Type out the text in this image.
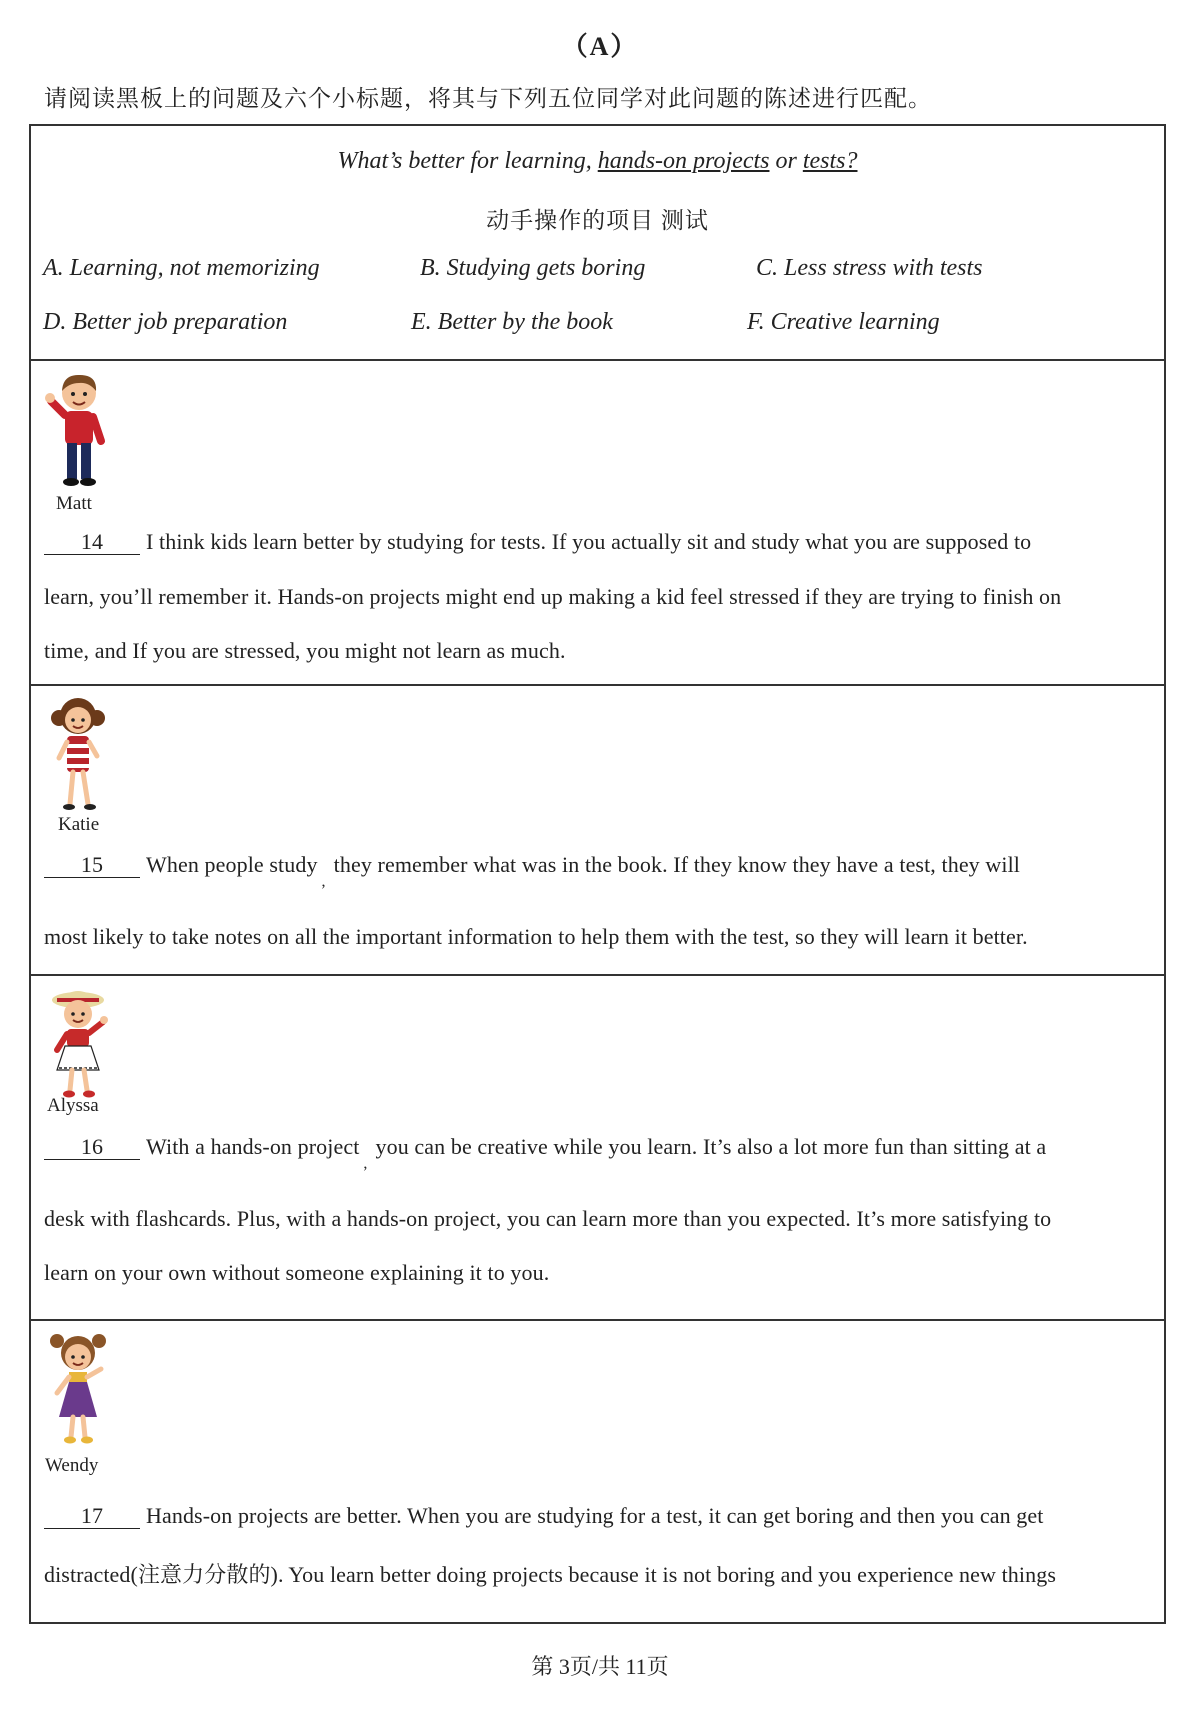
（A）
请阅读黑板上的问题及六个小标题，将其与下列五位同学对此问题的陈述进行匹配。
What’s better for learning, hands-on projects or tests?
动手操作的项目 测试
A. Learning, not memorizing	B. Studying gets boring	C. Less stress with tests
D. Better job preparation	E. Better by the book	F. Creative learning
Matt
14 I think kids learn better by studying for tests. If you actually sit and study what you are supposed to
learn, you’ll remember it. Hands-on projects might end up making a kid feel stressed if they are trying to finish on
time, and If you are stressed, you might not learn as much.
Katie
15 When people study$_,$they remember what was in the book. If they know they have a test, they will
most likely to take notes on all the important information to help them with the test, so they will learn it better.
Alyssa
16 With a hands-on project$_,$you can be creative while you learn. It’s also a lot more fun than sitting at a
desk with flashcards. Plus, with a hands-on project, you can learn more than you expected. It’s more satisfying to
learn on your own without someone explaining it to you.
Wendy
17 Hands-on projects are better. When you are studying for a test, it can get boring and then you can get
distracted(注意力分散的). You learn better doing projects because it is not boring and you experience new things
第 3页/共 11页
